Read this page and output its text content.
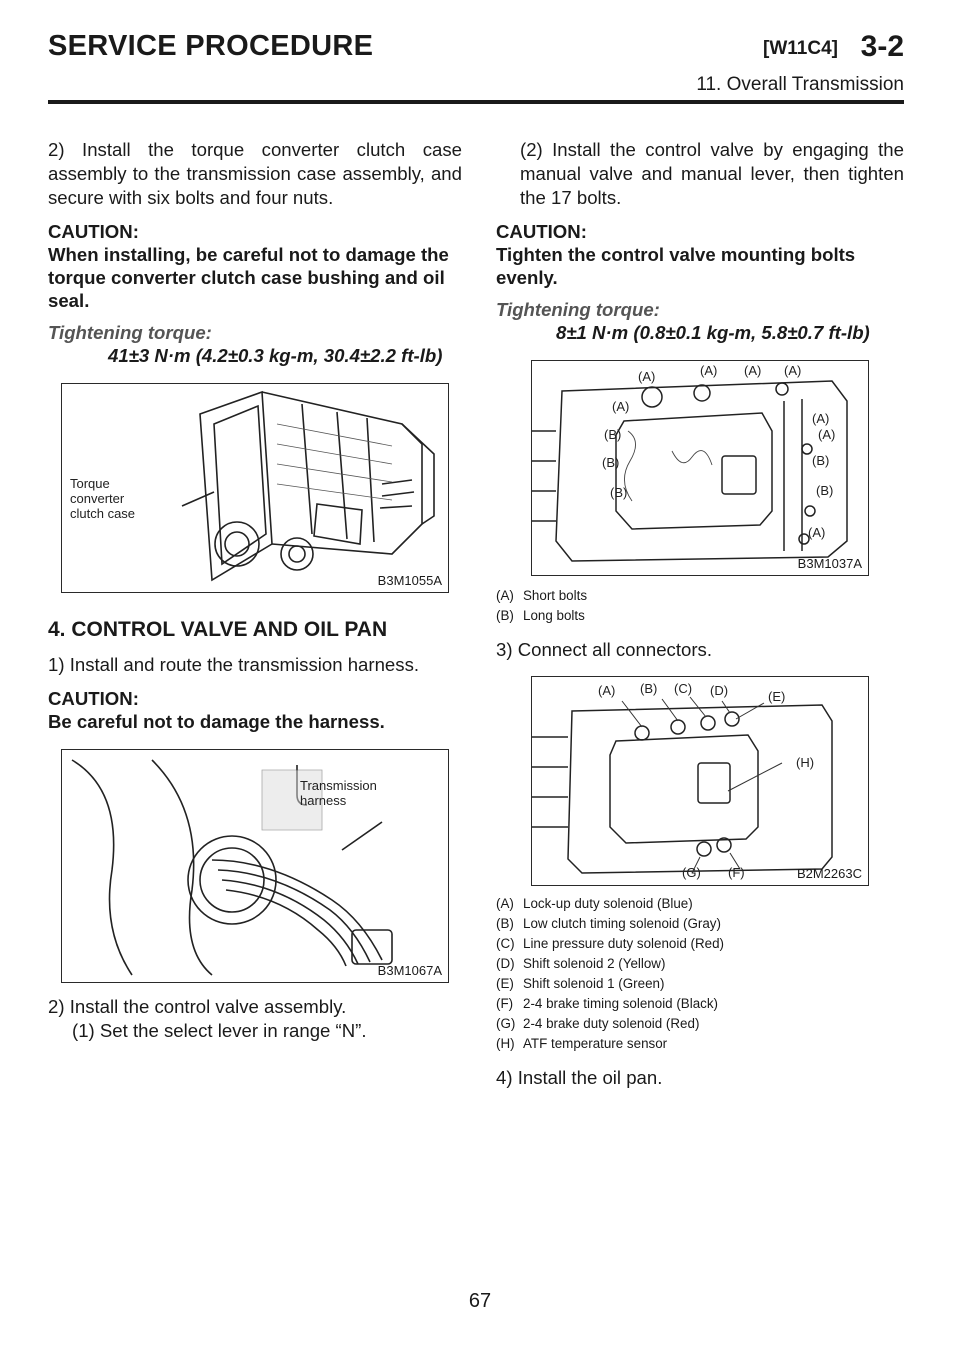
SERVICE PROCEDURE	[W11C4] 3-2
11. Overall Transmission

2) Install the torque converter clutch case assembly to the transmission case assembly, and secure with six bolts and four nuts.

CAUTION:

When installing, be careful not to damage the torque converter clutch case bushing and oil seal.

Tightening torque:

41±3 N·m (4.2±0.3 kg-m, 30.4±2.2 ft-lb)

Torque
converter
clutch case
B3M1055A

4. CONTROL VALVE AND OIL PAN

1) Install and route the transmission harness.

CAUTION:

Be careful not to damage the harness.

Transmission
harness
B3M1067A

2) Install the control valve assembly.

(1) Set the select lever in range “N”.

(2) Install the control valve by engaging the manual valve and manual lever, then tighten the 17 bolts.

CAUTION:

Tighten the control valve mounting bolts evenly.

Tightening torque:

8±1 N·m (0.8±0.1 kg-m, 5.8±0.7 ft-lb)

(A)	(A) (A) (A)
(A)
(A)
(A)
(B)
(B)
(B)
(B)
(B)
(A)
B3M1037A
(A) Short bolts
(B) Long bolts

3) Connect all connectors.

(A) (B) (C) (D)	(E)
(H)
(G) (F)	B2M2263C
(A) Lock-up duty solenoid (Blue)
(B) Low clutch timing solenoid (Gray)
(C) Line pressure duty solenoid (Red)
(D) Shift solenoid 2 (Yellow)
(E) Shift solenoid 1 (Green)
(F) 2-4 brake timing solenoid (Black)
(G) 2-4 brake duty solenoid (Red)
(H) ATF temperature sensor

4) Install the oil pan.

67
